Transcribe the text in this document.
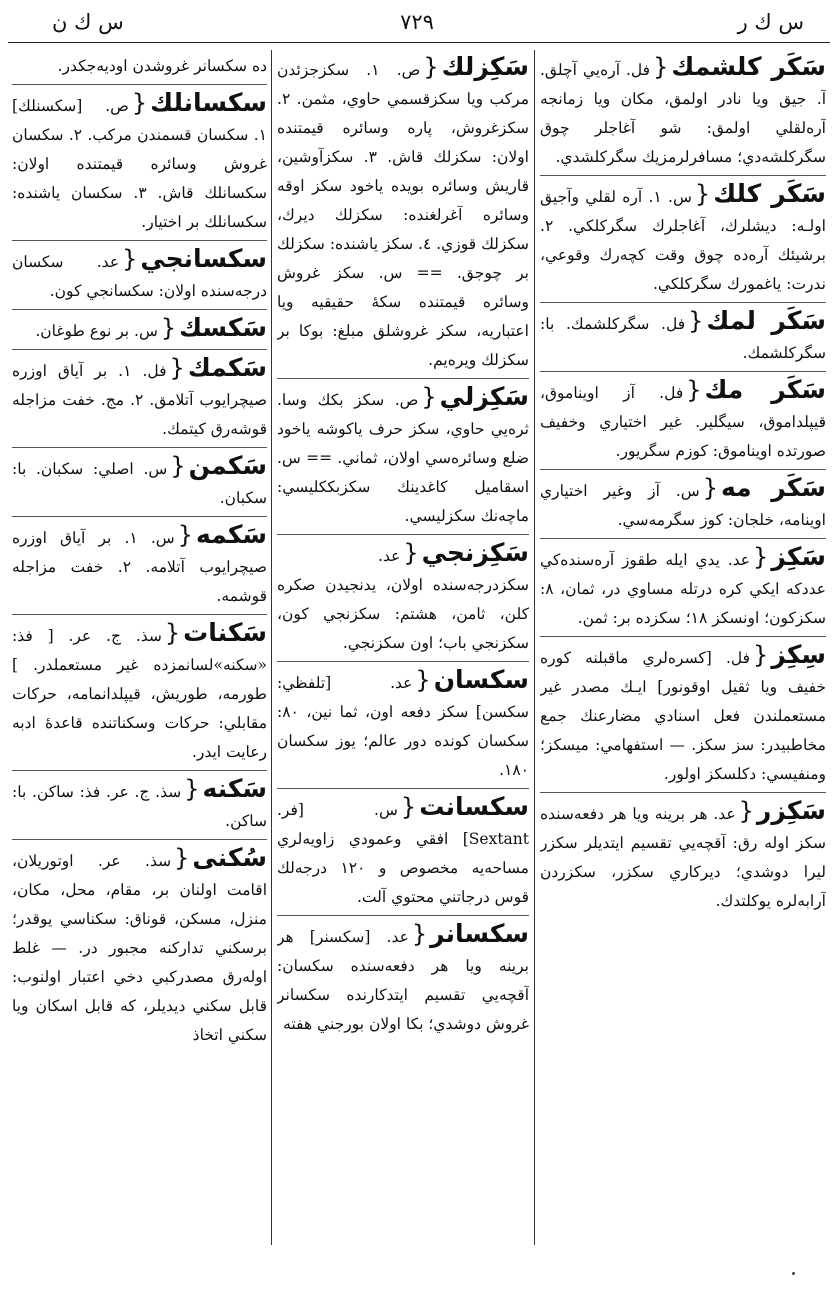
س ك ر
٧٢٩
س ك ن
سَكَر كلشمك{فل. آره‌يي آچلق. آ. جيق ويا نادر اولمق، مكان ويا زمانجه آره‌لقلي اولمق: شو آغاجلر چوق سگركلشه‌دي؛ مسافرلرمزيك سگركلشدي.
سَكَر كلك{س. ١. آره لقلي وآجيق اولـه: ديشلرك، آغاجلرك سگركلكي. ٢. برشيئك آره‌ده چوق وقت كچه‌رك وقوعي، ندرت: ياغمورك سگركلكي.
سَكَر لمك{فل. سگركلشمك. با: سگركلشمك.
سَكَر مك{فل. آز اويناموق، قيپلداموق، سيگلير. غير اختياري وخفيف صورتده اويناموق: كوزم سگريور.
سَكَر مه{س. آز وغير اختياري اوينامه، خلجان: كوز سگرمه‌سي.
سَكِز{عد. يدي ايله طقوز آره‌سنده‌كي عددكه ايكي كره درتله مساوي در، ثمان، ٨: سكزكون؛ اونسكز ١٨؛ سكزده بر: ثمن.
سِكِز{فل. [كسره‌لري ماقبلنه كوره خفيف ويا ثقيل اوقونور] ايـك مصدر غير مستعملندن فعل اسنادي مضارعنك جمع مخاطبيدر: سز سكز. — استفهامي: ميسكز؛ ومنفيسي: دكلسكز اولور.
سَكِزر{عد. هر برينه ويا هر دفعه‌سنده سكز اوله رق: آقچه‌يي تقسيم ايتديلر سكزر ليرا دوشدي؛ ديركاري سكزر، سكزردن آرابه‌لره يوكلتدك.
سَكِزلك{ص. ١. سكزجزئدن مركب ويا سكزقسمي حاوي، مثمن. ٢. سكزغروش، پاره وسائره قيمتنده اولان: سكزلك قاش. ٣. سكزآوشين، قاريش وسائره بويده ياخود سكز اوقه وسائره آغرلغنده: سكزلك ديرك، سكزلك قوزي. ٤. سكز ياشنده: سكزلك بر چوجق. == س. سكز غروش وسائره قيمتنده سكهٔ حقيقيه ويا اعتباريه، سكز غروشلق مبلغ: بوكا بر سكزلك ويره‌يم.
سَكِزلي{ص. سكز بكك وسا. ثره‌يي حاوي، سكز حرف ياكوشه ياخود ضلع وسائره‌سي اولان، ثماني. == س. اسقاميل كاغدينك سكزبككليسي: ماچه‌نك سكزليسي.
سَكِزنجي{عد. سكزدرجه‌سنده اولان، يدنجيدن صكره كلن، ثامن، هشتم: سكزنجي كون، سكزنجي باب؛ اون سكزنجي.
سكسان{عد. [تلفظي: سكسن] سكز دفعه اون، ثما نين، ٨٠: سكسان كونده دور عالم؛ يوز سكسان ١٨٠.
سكسانت{س. [فر. Sextant] افقي وعمودي زاويه‌لري مساحه‌يه مخصوص و ١٢٠ درجه‌لك قوس درجاتني محتوي آلت.
سكسانر{عد. [سكسنر] هر برينه ويا هر دفعه‌سنده سكسان: آقچه‌يي تقسيم ايتدكارنده سكسانر غروش دوشدي؛ بكا اولان بورجني هفته‌
ده سكسانر غروشدن اوديه‌جكدر.
سكسانلك{ص. [سكسنلك] ١. سكسان قسمندن مركب. ٢. سكسان غروش وسائره قيمتنده اولان: سكسانلك قاش. ٣. سكسان ياشنده: سكسانلك بر اختيار.
سكسانجي{عد. سكسان درجه‌سنده اولان: سكسانجي كون.
سَكسك{س. بر نوع طوغان.
سَكمك{فل. ١. بر آياق اوزره صيچرايوب آتلامق. ٢. مج. خفت مزاجله قوشه‌رق كيتمك.
سَكمن{س. اصلي: سكبان. با: سكبان.
سَكمه{س. ١. بر آياق اوزره صيچرايوب آتلامه. ٢. خفت مزاجله قوشمه.
سَكنات{سذ. ج. عر. [ فذ: «سكنه»لسانمزده غير مستعملدر. ] طورمه، طوريش، قيپلدانمامه، حركات مقابلي: حركات وسكناتنده قاعدهٔ ادبه رعايت ايدر.
سَكنه{سذ. ج. عر. فذ: ساكن. با: ساكن.
سُكنى{سذ. عر. اوتوريلان، اقامت اولنان بر، مقام، محل، مكان، منزل، مسكن، قوناق: سكناسي يوقدر؛ برسكني تداركنه مجبور در. — غلط اوله‌رق مصدركبي دخي اعتبار اولنوب: قابل سكني ديديلر، كه قابل اسكان ويا سكني اتخاذ
